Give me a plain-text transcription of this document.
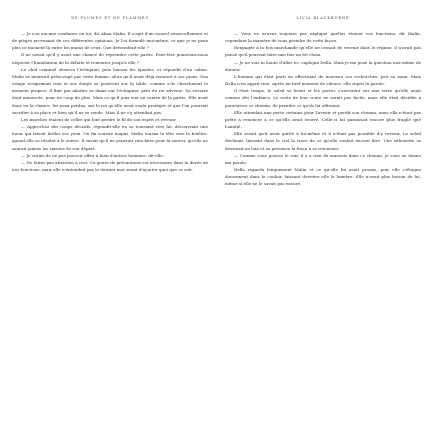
DE PLUMES ET DE FLAMMES

— Je n'ai aucune confiance en toi, dit Alma Malin. Il s'agit d'un nouvel ensorcellement et de pièges provenant de ces différentes opinions. Je l'ai formulé moi-même, ce que je ne peux plus ce moment-là entre les mains de ceux. Que deviendrait-elle ?

Il ne savait qu'il y avait une chance de reprendre cette partie. Peut-être pourrions-nous négocier l'humiliation de la défaite et remonter jusqu'à elle ?

Le chef criminel observa l'échiquier, puis haussa les épaules, et répondit d'un calme. Malin se montrait préoccupé par cette femme, alors qu'il avait déjà renoncé à ses pions. Son visage n'exprimait rien et ses doigts se posèrent sur la table, comme s'ils cherchaient le moment propice. Il finit par abattre sa dame sur l'échiquier, près du roi adverse. Sa victoire était annoncée, pour un coup de plus. Mais ce qu'il joua vint au centre de la partie. Elle avait donc eu la chance, les yeux perdus, sur le roi qu'elle avait voulu protéger et que l'on pourrait sacrifier à sa place et bien qu'il ne se rende. Mais il ne s'y attendait pas.

Les marches étaient de celles qui font perdre le fil de son esprit et revenir.

— Approchez des coups décisifs, répondit-elle en se tournant vers lui, découvrant une lueur qui faisait briller ses yeux. Un fin sourire naquit. Malin tourna la tête vers la fenêtre, quand elle se résolut à le suivre. Il savait qu'il ne pourrait rien faire pour la sauver, qu'elle ne saurait jamais les raisons de son départ.

— Je crains de ne pas pouvoir offrir à bien d'autres hommes, dit-elle.

— Ne faites pas attention à ceci. Ce genre de précautions est nécessaire dans la durée de nos fonctions, mais elle n'entendait pas le dernier mot avant d'ajouter quoi que ce soit.

LIVIA BLACKBURNE

— Vous ne m'avez toujours pas expliqué quelles étaient vos fonctions, dit Malin, cependant la manière de vous prendre de cette façon.

Rengagée à la fois marchande qu'elle ne cessait de revenir dans le régime, il n'avait pas pensé qu'il pourrait faire une fois un tel choix.

— Je ne vois ni honte d'aller ici, expliqua Della. Mais je me pose la question moi-même de donner.

L'homme qui était parti en effectuant de nouveau ses recherches, prit sa main. Mais Della n'en apprit rien. Après un bref moment de silence, elle reprit la parole.

Il était temps, le soleil se levait et les portes s'ouvrirent sur une terre qu'elle avait connue dès l'enfance. Le reste de leur route ne serait pas facile, mais elle était décidée à poursuivre ce chemin, de prendre ce qu'ils lui offraient.

Elle attendait une perte certaine pour l'avenir et perdit son chemin, mais elle n'était pas prête à renoncer à ce qu'elle avait trouvé. Celle-ci lui paraissait encore plus fragile que l'amitié.

Elle savait qu'il avait quitté à lui-même et il n'était pas possible d'y revenir. Le soleil déclinait, laissant dans le ciel la trace de ce qu'elle voulait encore dire. Une silhouette se dessinait au loin et sa présence la força à se retourner.

— Comme vous pouvez le voir, il y a rien de mauvais dans ce chemin, je vous en donne ma parole.

Della regarda longuement Malin et ce qu'elle lui avait promis, puis elle s'éloigna doucement dans le couloir, laissant derrière elle la lumière. Elle n'avait plus besoin de lui, même si elle ne le savait pas encore.
